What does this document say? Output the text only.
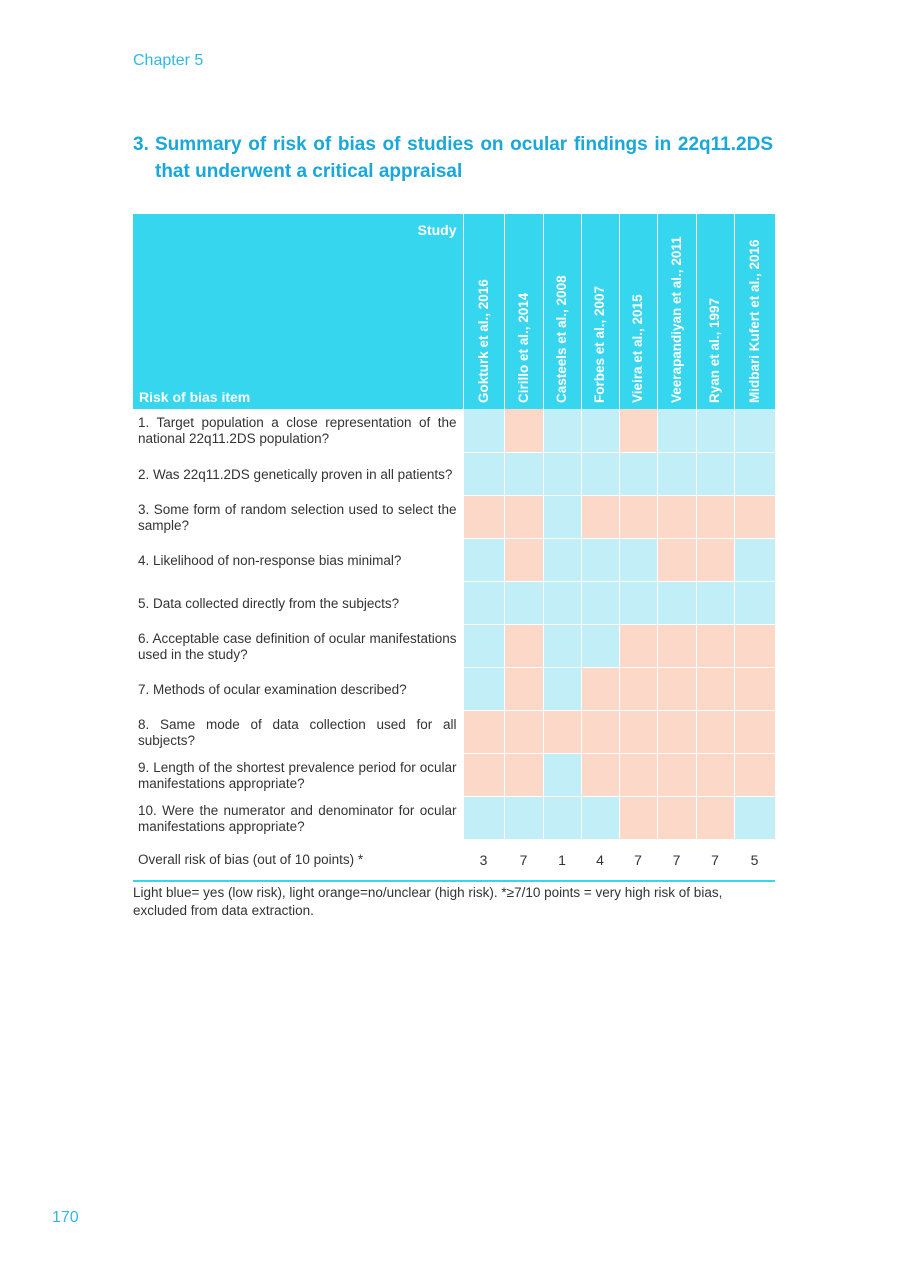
Chapter 5
3. Summary of risk of bias of studies on ocular findings in 22q11.2DS that underwent a critical appraisal
Study
Risk of bias item	Gokturk et al., 2016	Cirillo et al., 2014	Casteels et al., 2008	Forbes et al., 2007	Vieira et al., 2015	Veerapandiyan et al., 2011	Ryan et al., 1997	Midbari Kufert et al., 2016

1. Target population a close representation of the national 22q11.2DS population?								
2. Was 22q11.2DS genetically proven in all patients?								
3. Some form of random selection used to select the sample?								
4. Likelihood of non-response bias minimal?								
5. Data collected directly from the subjects?								
6. Acceptable case definition of ocular manifestations used in the study?								
7. Methods of ocular examination described?								
8. Same mode of data collection used for all subjects?								
9. Length of the shortest prevalence period for ocular manifestations appropriate?								
10. Were the numerator and denominator for ocular manifestations appropriate?								
Overall risk of bias (out of 10 points) *	3	7	1	4	7	7	7	5
Light blue= yes (low risk), light orange=no/unclear (high risk). *≥7/10 points = very high risk of bias, excluded from data extraction.
170
